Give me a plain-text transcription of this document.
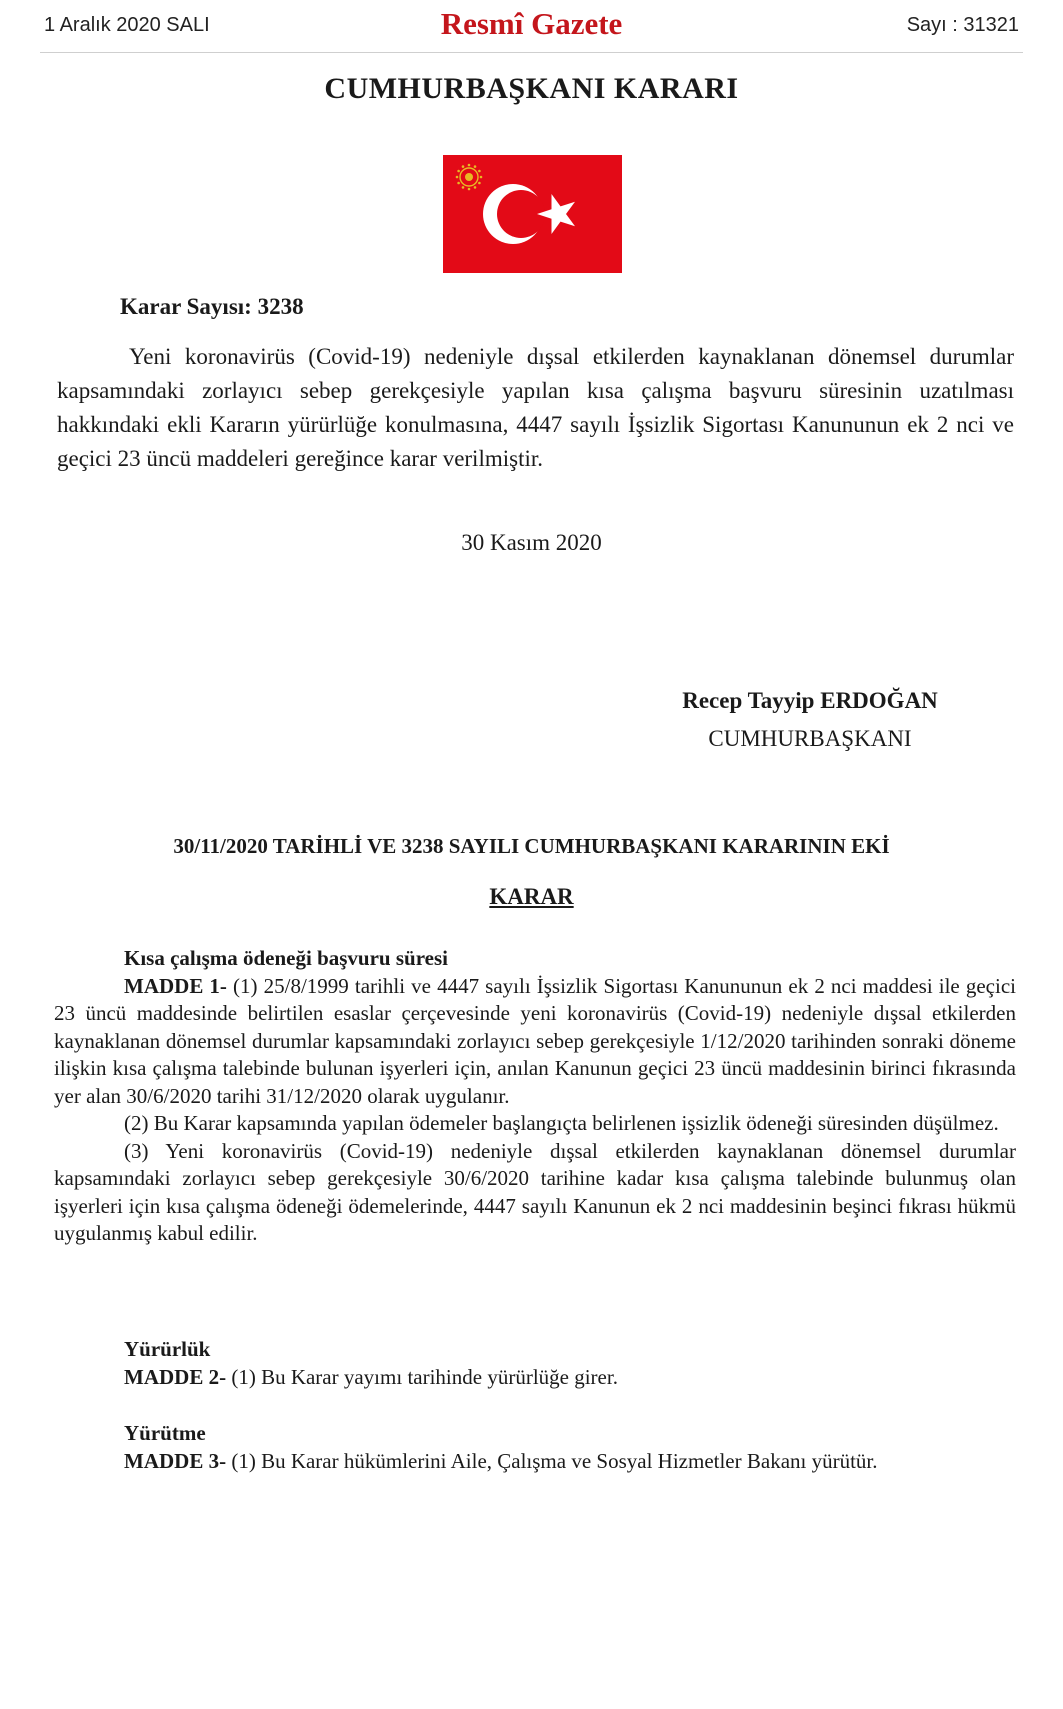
1 Aralık 2020 SALI	Resmî Gazete	Sayı : 31321
CUMHURBAŞKANI KARARI
Karar Sayısı: 3238
Yeni koronavirüs (Covid-19) nedeniyle dışsal etkilerden kaynaklanan dönemsel durumlar kapsamındaki zorlayıcı sebep gerekçesiyle yapılan kısa çalışma başvuru süresinin uzatılması hakkındaki ekli Kararın yürürlüğe konulmasına, 4447 sayılı İşsizlik Sigortası Kanununun ek 2 nci ve geçici 23 üncü maddeleri gereğince karar verilmiştir.
30 Kasım 2020
Recep Tayyip ERDOĞAN
CUMHURBAŞKANI
30/11/2020 TARİHLİ VE 3238 SAYILI CUMHURBAŞKANI KARARININ EKİ
KARAR
Kısa çalışma ödeneği başvuru süresi

MADDE 1- (1) 25/8/1999 tarihli ve 4447 sayılı İşsizlik Sigortası Kanununun ek 2 nci maddesi ile geçici 23 üncü maddesinde belirtilen esaslar çerçevesinde yeni koronavirüs (Covid-19) nedeniyle dışsal etkilerden kaynaklanan dönemsel durumlar kapsamındaki zorlayıcı sebep gerekçesiyle 1/12/2020 tarihinden sonraki döneme ilişkin kısa çalışma talebinde bulunan işyerleri için, anılan Kanunun geçici 23 üncü maddesinin birinci fıkrasında yer alan 30/6/2020 tarihi 31/12/2020 olarak uygulanır.

(2) Bu Karar kapsamında yapılan ödemeler başlangıçta belirlenen işsizlik ödeneği süresinden düşülmez.

(3) Yeni koronavirüs (Covid-19) nedeniyle dışsal etkilerden kaynaklanan dönemsel durumlar kapsamındaki zorlayıcı sebep gerekçesiyle 30/6/2020 tarihine kadar kısa çalışma talebinde bulunmuş olan işyerleri için kısa çalışma ödeneği ödemelerinde, 4447 sayılı Kanunun ek 2 nci maddesinin beşinci fıkrası hükmü uygulanmış kabul edilir.

Yürürlük

MADDE 2- (1) Bu Karar yayımı tarihinde yürürlüğe girer.

Yürütme

MADDE 3- (1) Bu Karar hükümlerini Aile, Çalışma ve Sosyal Hizmetler Bakanı yürütür.
